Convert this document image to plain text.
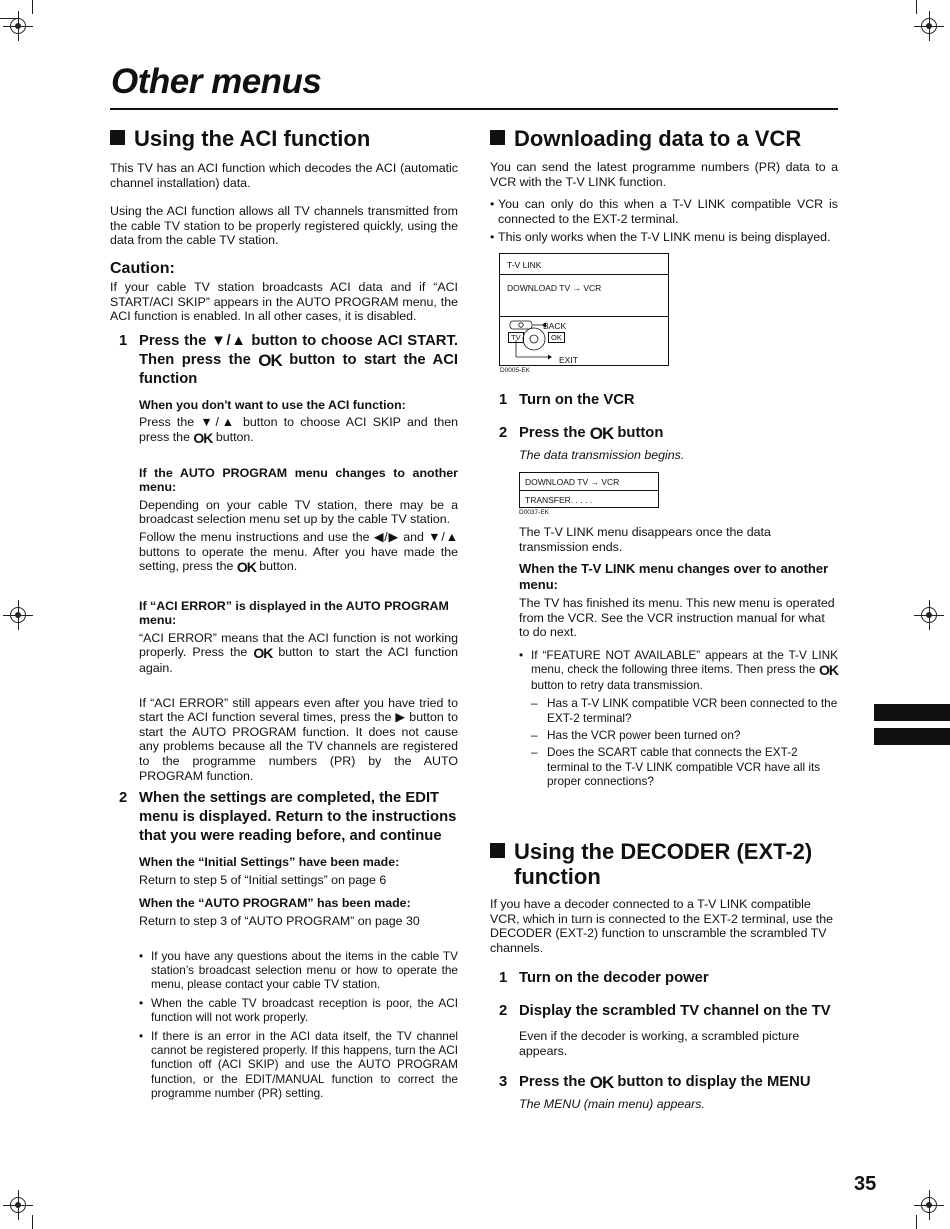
Other menus
Using the ACI function
This TV has an ACI function which decodes the ACI (automatic channel installation) data.
Using the ACI function allows all TV channels transmitted from the cable TV station to be properly registered quickly, using the data from the cable TV station.
Caution:
If your cable TV station broadcasts ACI data and if “ACI START/ACI SKIP” appears in the AUTO PROGRAM menu, the ACI function is enabled. In all other cases, it is disabled.
1 Press the ▼/▲ button to choose ACI START. Then press the OK button to start the ACI function
When you don't want to use the ACI function:
Press the ▼/▲ button to choose ACI SKIP and then press the OK button.
If the AUTO PROGRAM menu changes to another menu:
Depending on your cable TV station, there may be a broadcast selection menu set up by the cable TV station.
Follow the menu instructions and use the ◀/▶ and ▼/▲ buttons to operate the menu. After you have made the setting, press the OK button.
If “ACI ERROR” is displayed in the AUTO PROGRAM menu:
“ACI ERROR” means that the ACI function is not working properly. Press the OK button to start the ACI function again.
If “ACI ERROR” still appears even after you have tried to start the ACI function several times, press the ▶ button to start the AUTO PROGRAM function. It does not cause any problems because all the TV channels are registered to the programme numbers (PR) by the AUTO PROGRAM function.
2 When the settings are completed, the EDIT menu is displayed. Return to the instructions that you were reading before, and continue
When the “Initial Settings” have been made:
Return to step 5 of “Initial settings” on page 6
When the “AUTO PROGRAM” has been made:
Return to step 3 of “AUTO PROGRAM” on page 30
• If you have any questions about the items in the cable TV station’s broadcast selection menu or how to operate the menu, please contact your cable TV station.
• When the cable TV broadcast reception is poor, the ACI function will not work properly.
• If there is an error in the ACI data itself, the TV channel cannot be registered properly. If this happens, turn the ACI function off (ACI SKIP) and use the AUTO PROGRAM function, or the EDIT/MANUAL function to correct the programme number (PR) setting.
Downloading data to a VCR
You can send the latest programme numbers (PR) data to a VCR with the T-V LINK function.
• You can only do this when a T-V LINK compatible VCR is connected to the EXT-2 terminal.
• This only works when the T-V LINK menu is being displayed.
T-V LINK
DOWNLOAD TV → VCR
BACK
TV	OK
EXIT
D0005-EK
1 Turn on the VCR
2 Press the OK button
The data transmission begins.
DOWNLOAD TV → VCR
TRANSFER. . . . .
D0037-EK
The T-V LINK menu disappears once the data transmission ends.
When the T-V LINK menu changes over to another menu:
The TV has finished its menu. This new menu is operated from the VCR. See the VCR instruction manual for what to do next.
• If “FEATURE NOT AVAILABLE” appears at the T-V LINK menu, check the following three items. Then press the OK button to retry data transmission.
– Has a T-V LINK compatible VCR been connected to the EXT-2 terminal?
– Has the VCR power been turned on?
– Does the SCART cable that connects the EXT-2 terminal to the T-V LINK compatible VCR have all its proper connections?
Using the DECODER (EXT-2)
function
If you have a decoder connected to a T-V LINK compatible VCR, which in turn is connected to the EXT-2 terminal, use the DECODER (EXT-2) function to unscramble the scrambled TV channels.
1 Turn on the decoder power
2 Display the scrambled TV channel on the TV
Even if the decoder is working, a scrambled picture appears.
3 Press the OK button to display the MENU
The MENU (main menu) appears.
35
